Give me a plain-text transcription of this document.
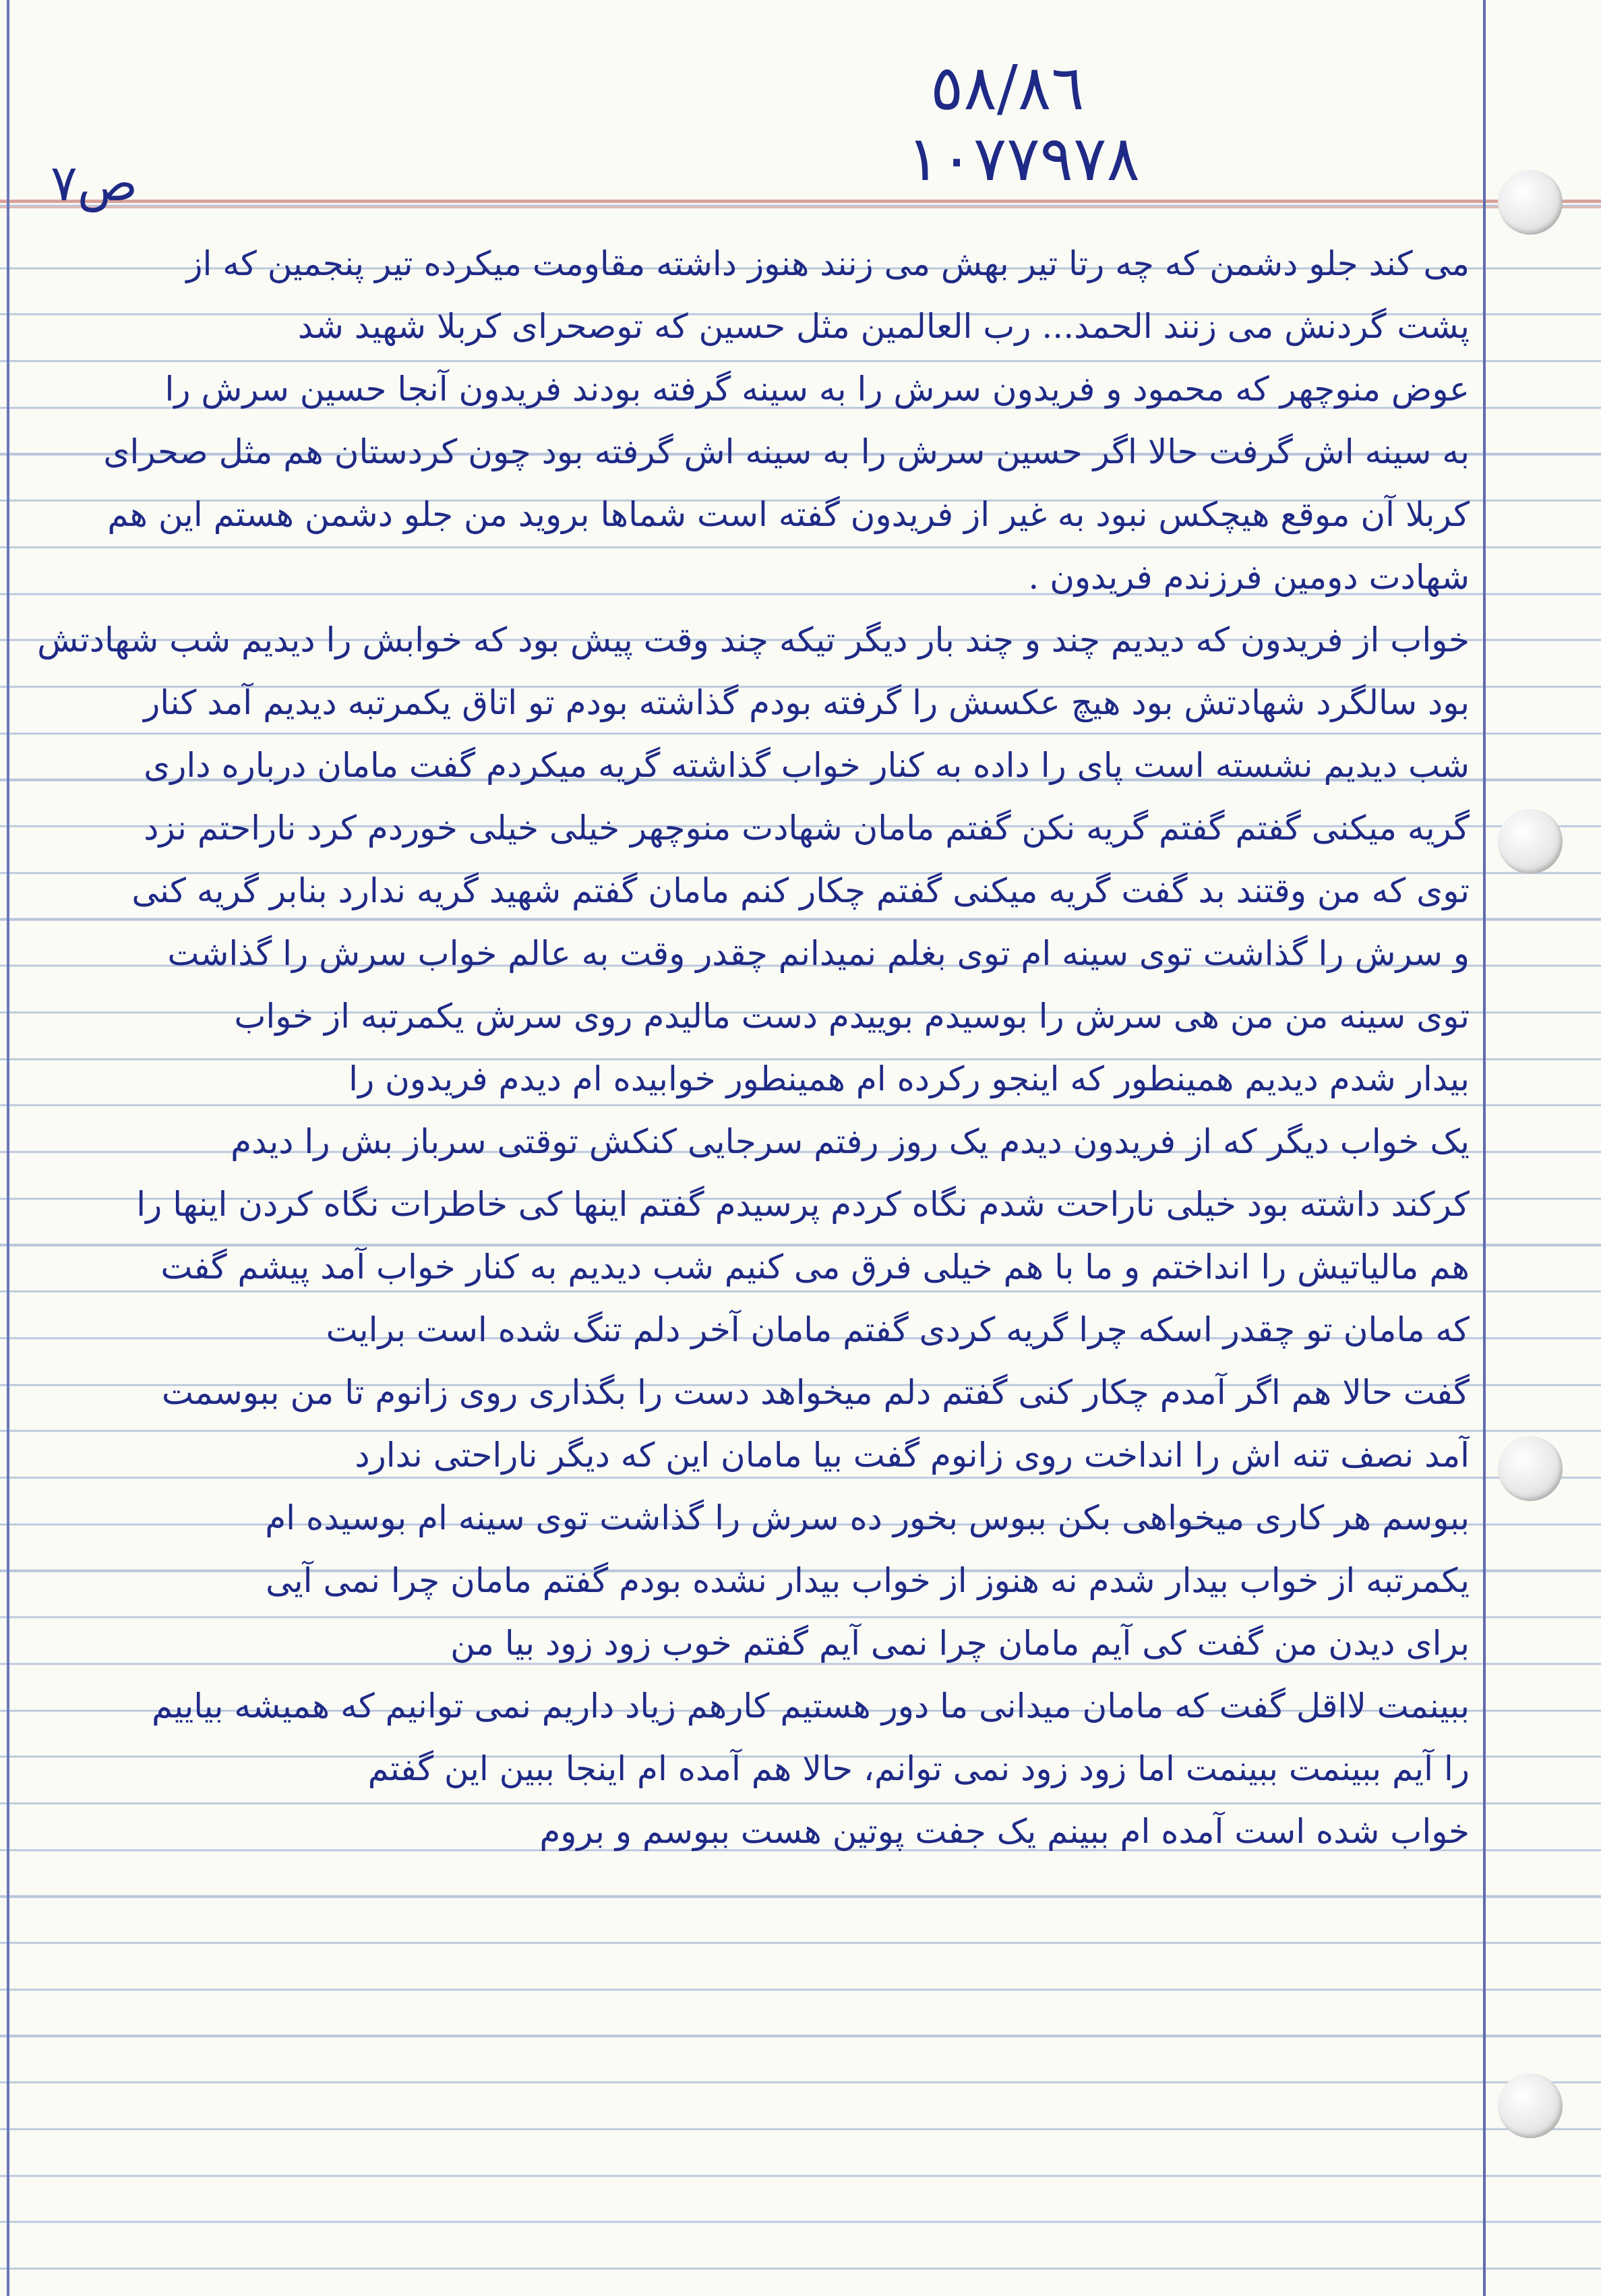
٥٨/٨٦
١٠٧٧٩٧٨
ص۷
می کند جلو دشمن که چه رتا تیر بهش می زنند هنوز داشته مقاومت میکرده تیر پنجمین که از
پشت گردنش می زنند الحمد... رب العالمین مثل حسین که توصحرای کربلا شهید شد
عوض منوچهر که محمود و فریدون سرش را به سینه گرفته بودند فریدون آنجا حسین سرش را
به سینه اش گرفت حالا اگر حسین سرش را به سینه اش گرفته بود چون کردستان هم مثل صحرای
کربلا آن موقع هیچکس نبود به غیر از فریدون گفته است شماها بروید من جلو دشمن هستم این هم
شهادت دومین فرزندم فریدون .
خواب از فریدون که دیدیم چند و چند بار دیگر تیکه چند وقت پیش بود که خوابش را دیدیم شب شهادتش
بود سالگرد شهادتش بود هیچ عکسش را گرفته بودم گذاشته بودم تو اتاق یکمرتبه دیدیم آمد کنار
شب دیدیم نشسته است پای را داده به کنار خواب گذاشته گریه میکردم گفت مامان درباره داری
گریه میکنی گفتم گفتم گریه نکن گفتم مامان شهادت منوچهر خیلی خیلی خوردم کرد ناراحتم نزد
توی که من وقتند بد گفت گریه میکنی گفتم چکار کنم مامان گفتم شهید گریه ندارد بنابر گریه کنی
و سرش را گذاشت توی سینه ام توی بغلم نمیدانم چقدر وقت به عالم خواب سرش را گذاشت
توی سینه من من هی سرش را بوسیدم بوییدم دست مالیدم روی سرش یکمرتبه از خواب
بیدار شدم دیدیم همینطور که اینجو رکرده ام همینطور خوابیده ام دیدم فریدون را
یک خواب دیگر که از فریدون دیدم یک روز رفتم سرجایی کنکش توقتی سرباز بش را دیدم
کرکند داشته بود خیلی ناراحت شدم نگاه کردم پرسیدم گفتم اینها کی خاطرات نگاه کردن اینها را
هم مالیاتیش را انداختم و ما با هم خیلی فرق می کنیم شب دیدیم به کنار خواب آمد پیشم گفت
که مامان تو چقدر اسکه چرا گریه کردی گفتم مامان آخر دلم تنگ شده است برایت
گفت حالا هم اگر آمدم چکار کنی گفتم دلم میخواهد دست را بگذاری روی زانوم تا من ببوسمت
آمد نصف تنه اش را انداخت روی زانوم گفت بیا مامان این که دیگر ناراحتی ندارد
ببوسم هر کاری میخواهی بکن ببوس بخور ده سرش را گذاشت توی سینه ام بوسیده ام
یکمرتبه از خواب بیدار شدم نه هنوز از خواب بیدار نشده بودم گفتم مامان چرا نمی آیی
برای دیدن من گفت کی آیم مامان چرا نمی آیم گفتم خوب زود زود بیا من
ببینمت لااقل گفت که مامان میدانی ما دور هستیم کارهم زیاد داریم نمی توانیم که همیشه بیاییم
را آیم ببینمت ببینمت اما زود زود نمی توانم، حالا هم آمده ام اینجا ببین این گفتم
خواب شده است آمده ام ببینم یک جفت پوتین هست ببوسم و بروم
